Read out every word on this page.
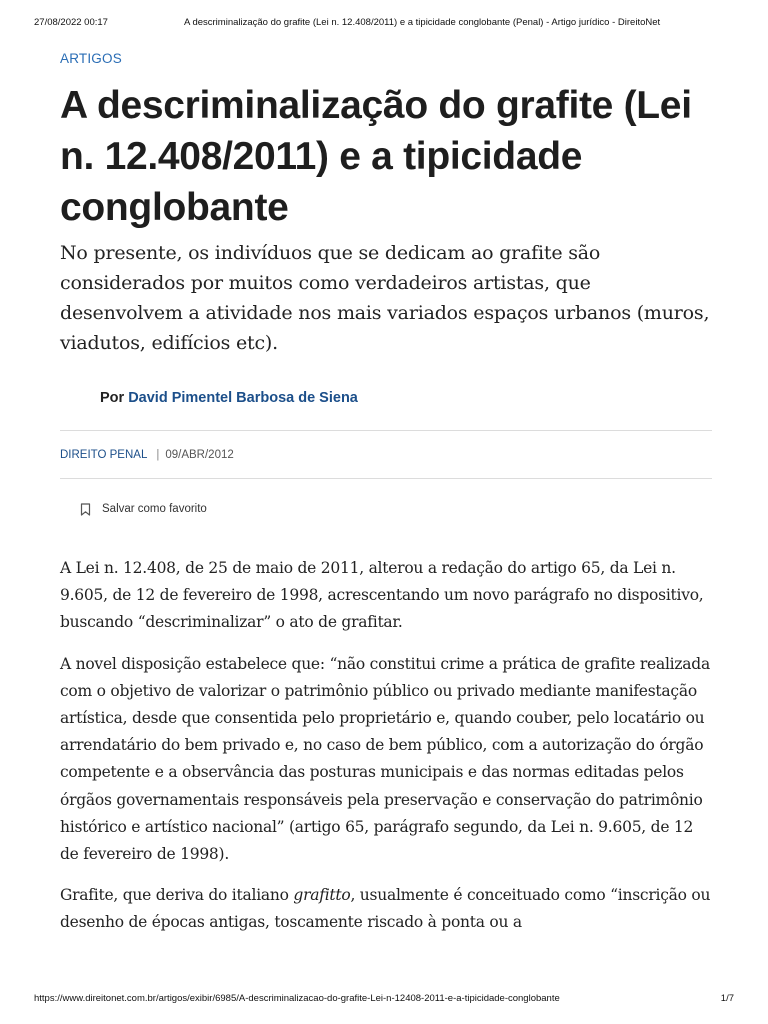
27/08/2022 00:17	A descriminalização do grafite (Lei n. 12.408/2011) e a tipicidade conglobante (Penal) - Artigo jurídico - DireitoNet
ARTIGOS
A descriminalização do grafite (Lei n. 12.408/2011) e a tipicidade conglobante

No presente, os indivíduos que se dedicam ao grafite são considerados por muitos como verdadeiros artistas, que desenvolvem a atividade nos mais variados espaços urbanos (muros, viadutos, edifícios etc).

Por David Pimentel Barbosa de Siena
DIREITO PENAL | 09/ABR/2012
Salvar como favorito

A Lei n. 12.408, de 25 de maio de 2011, alterou a redação do artigo 65, da Lei n. 9.605, de 12 de fevereiro de 1998, acrescentando um novo parágrafo no dispositivo, buscando “descriminalizar” o ato de grafitar.

A novel disposição estabelece que: “não constitui crime a prática de grafite realizada com o objetivo de valorizar o patrimônio público ou privado mediante manifestação artística, desde que consentida pelo proprietário e, quando couber, pelo locatário ou arrendatário do bem privado e, no caso de bem público, com a autorização do órgão competente e a observância das posturas municipais e das normas editadas pelos órgãos governamentais responsáveis pela preservação e conservação do patrimônio histórico e artístico nacional” (artigo 65, parágrafo segundo, da Lei n. 9.605, de 12 de fevereiro de 1998).

Grafite, que deriva do italiano grafitto, usualmente é conceituado como “inscrição ou desenho de épocas antigas, toscamente riscado à ponta ou a

https://www.direitonet.com.br/artigos/exibir/6985/A-descriminalizacao-do-grafite-Lei-n-12408-2011-e-a-tipicidade-conglobante	1/7
